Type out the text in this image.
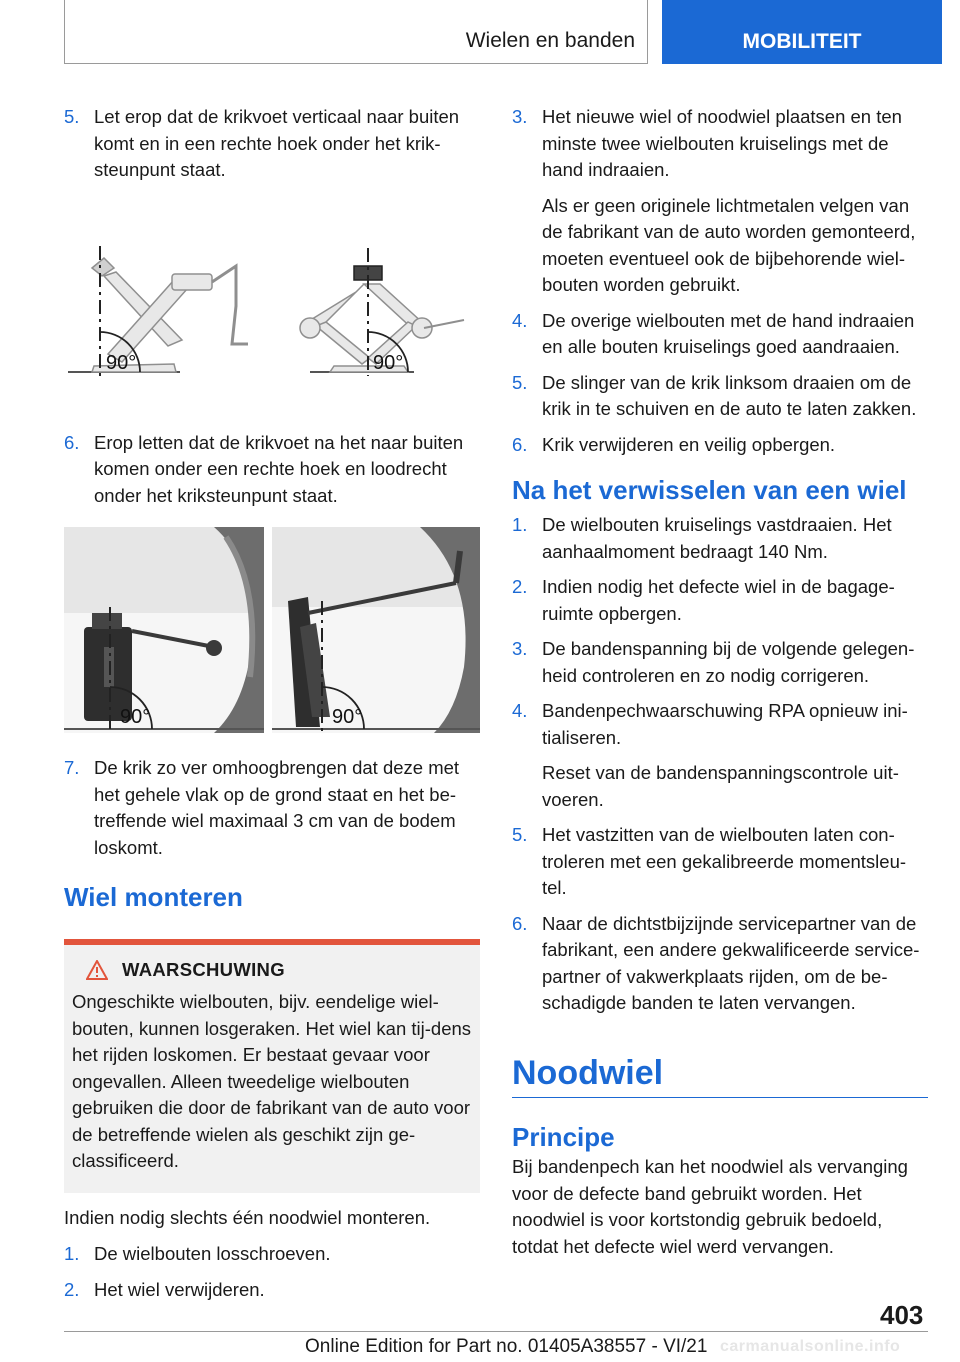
Wielen en banden	MOBILITEIT
5. Let erop dat de krikvoet verticaal naar buiten komt en in een rechte hoek onder het krik-steunpunt staat.
90°	90°
6. Erop letten dat de krikvoet na het naar buiten komen onder een rechte hoek en loodrecht onder het kriksteunpunt staat.
90°	90°
7. De krik zo ver omhoogbrengen dat deze met het gehele vlak op de grond staat en het be-treffende wiel maximaal 3 cm van de bodem loskomt.
Wiel monteren
WAARSCHUWING
Ongeschikte wielbouten, bijv. eendelige wiel-bouten, kunnen losgeraken. Het wiel kan tij-dens het rijden loskomen. Er bestaat gevaar voor ongevallen. Alleen tweedelige wielbouten gebruiken die door de fabrikant van de auto voor de betreffende wielen als geschikt zijn ge-classificeerd.
Indien nodig slechts één noodwiel monteren.
1. De wielbouten losschroeven.
2. Het wiel verwijderen.
3. Het nieuwe wiel of noodwiel plaatsen en ten minste twee wielbouten kruiselings met de hand indraaien.
Als er geen originele lichtmetalen velgen van de fabrikant van de auto worden gemonteerd, moeten eventueel ook de bijbehorende wiel-bouten worden gebruikt.
4. De overige wielbouten met de hand indraaien en alle bouten kruiselings goed aandraaien.
5. De slinger van de krik linksom draaien om de krik in te schuiven en de auto te laten zakken.
6. Krik verwijderen en veilig opbergen.
Na het verwisselen van een wiel
1. De wielbouten kruiselings vastdraaien. Het aanhaalmoment bedraagt 140 Nm.
2. Indien nodig het defecte wiel in de bagage-ruimte opbergen.
3. De bandenspanning bij de volgende gelegen-heid controleren en zo nodig corrigeren.
4. Bandenpechwaarschuwing RPA opnieuw ini-tialiseren.
Reset van de bandenspanningscontrole uit-voeren.
5. Het vastzitten van de wielbouten laten con-troleren met een gekalibreerde momentsleu-tel.
6. Naar de dichtstbijzijnde servicepartner van de fabrikant, een andere gekwalificeerde service-partner of vakwerkplaats rijden, om de be-schadigde banden te laten vervangen.
Noodwiel
Principe
Bij bandenpech kan het noodwiel als vervanging voor de defecte band gebruikt worden. Het noodwiel is voor kortstondig gebruik bedoeld, totdat het defecte wiel werd vervangen.
403
Online Edition for Part no. 01405A38557 - VI/21 carmanualsonline.info
